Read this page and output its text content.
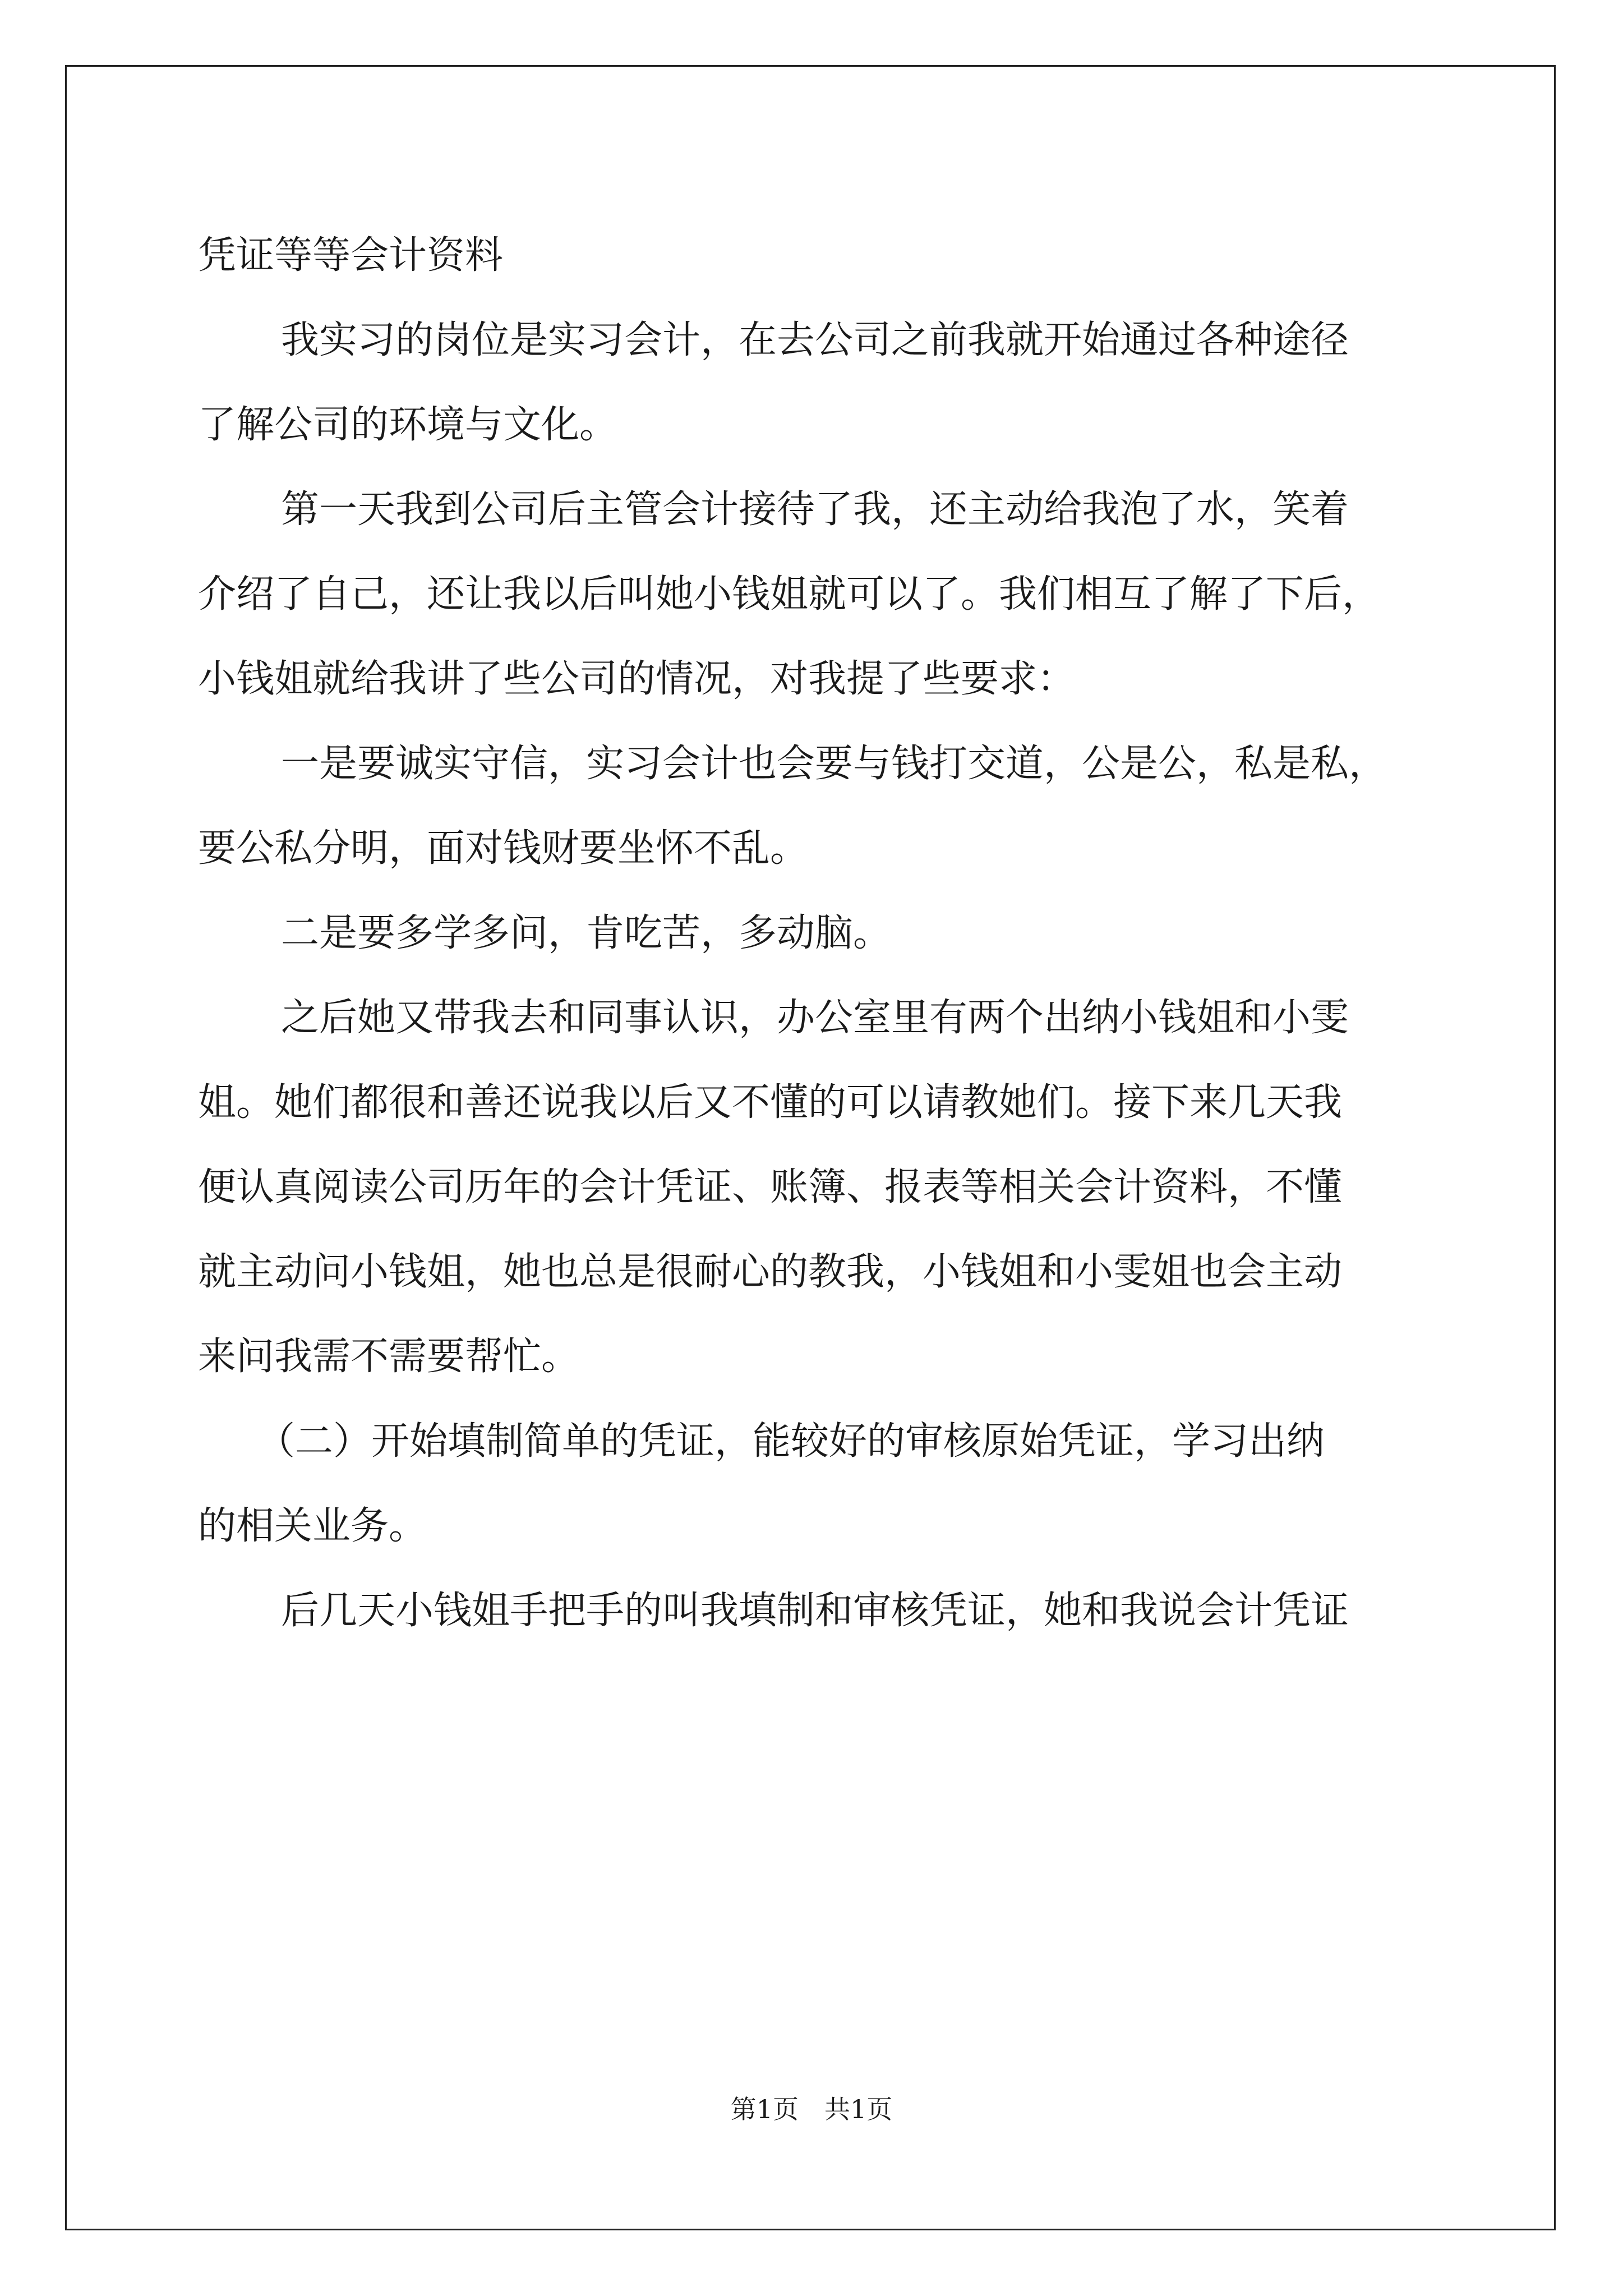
凭证等等会计资料
我实习的岗位是实习会计，在去公司之前我就开始通过各种途径
了解公司的环境与文化。
第一天我到公司后主管会计接待了我，还主动给我泡了水，笑着
介绍了自己，还让我以后叫她小钱姐就可以了。我们相互了解了下后，
小钱姐就给我讲了些公司的情况，对我提了些要求：
一是要诚实守信，实习会计也会要与钱打交道，公是公，私是私，
要公私分明，面对钱财要坐怀不乱。
二是要多学多问，肯吃苦，多动脑。
之后她又带我去和同事认识，办公室里有两个出纳小钱姐和小雯
姐。她们都很和善还说我以后又不懂的可以请教她们。接下来几天我
便认真阅读公司历年的会计凭证、账簿、报表等相关会计资料，不懂
就主动问小钱姐，她也总是很耐心的教我，小钱姐和小雯姐也会主动
来问我需不需要帮忙。
（二）开始填制简单的凭证，能较好的审核原始凭证，学习出纳
的相关业务。
后几天小钱姐手把手的叫我填制和审核凭证，她和我说会计凭证
第1页　共1页
